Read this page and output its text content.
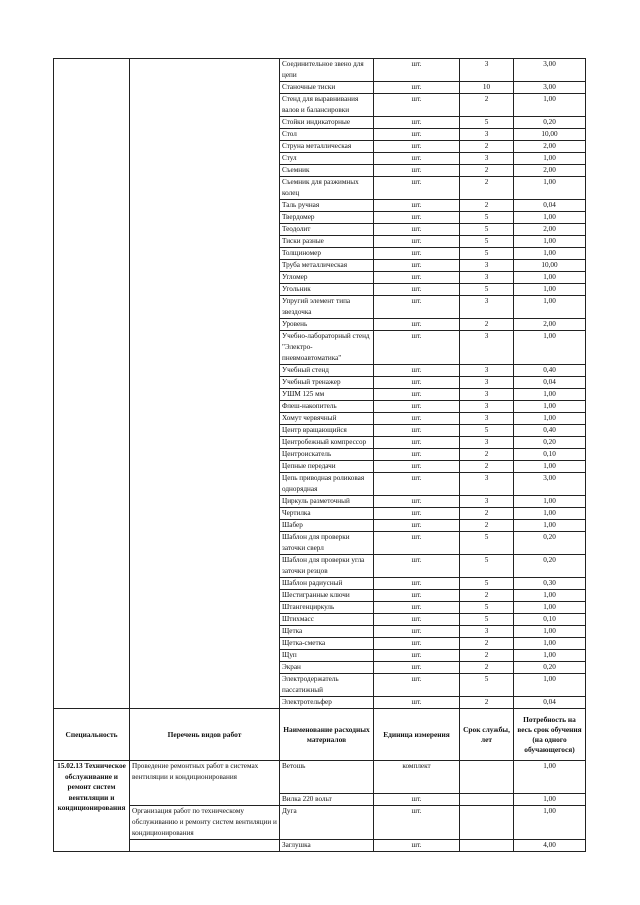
		Соединительное звено для цепи	шт.	3	3,00
		Станочные тиски	шт.	10	3,00
		Стенд для выравнивания валов и балансировки	шт.	2	1,00
		Стойки индикаторные	шт.	5	0,20
		Стол	шт.	3	10,00
		Струна металлическая	шт.	2	2,00
		Стул	шт.	3	1,00
		Съемник	шт.	2	2,00
		Съемник для разжимных колец	шт.	2	1,00
		Таль ручная	шт.	2	0,04
		Твердомер	шт.	5	1,00
		Теодолит	шт.	5	2,00
		Тиски разные	шт.	5	1,00
		Толщиномер	шт.	5	1,00
		Труба металлическая	шт.	3	10,00
		Угломер	шт.	3	1,00
		Угольник	шт.	5	1,00
		Упругий элемент типа звездочка	шт.	3	1,00
		Уровень	шт.	2	2,00
		Учебно-лабораторный стенд "Электро-пневмоавтоматика"	шт.	3	1,00
		Учебный стенд	шт.	3	0,40
		Учебный тренажер	шт.	3	0,04
		УШМ 125 мм	шт.	3	1,00
		Флеш-накопитель	шт.	3	1,00
		Хомут червячный	шт.	3	1,00
		Центр вращающийся	шт.	5	0,40
		Центробежный компрессор	шт.	3	0,20
		Центроискатель	шт.	2	0,10
		Цепные передачи	шт.	2	1,00
		Цепь приводная роликовая однорядная	шт.	3	3,00
		Циркуль разметочный	шт.	3	1,00
		Чертилка	шт.	2	1,00
		Шабер	шт.	2	1,00
		Шаблон для проверки заточки сверл	шт.	5	0,20
		Шаблон для проверки угла заточки резцов	шт.	5	0,20
		Шаблон радиусный	шт.	5	0,30
		Шестигранные ключи	шт.	2	1,00
		Штангенциркуль	шт.	5	1,00
		Штихмасс	шт.	5	0,10
		Щетка	шт.	3	1,00
		Щетка-сметка	шт.	2	1,00
		Щуп	шт.	2	1,00
		Экран	шт.	2	0,20
		Электродержатель пассатижный	шт.	5	1,00
		Электротельфер	шт.	2	0,04
Специальность	Перечень видов работ	Наименование расходных материалов	Единица измерения	Срок службы, лет	Потребность на весь срок обучения (на одного обучающегося)
15.02.13 Техническое обслуживание и ремонт систем вентиляции и кондиционирования	Проведение ремонтных работ в системах вентиляции и кондиционирования	Ветошь	комплект		1,00
		Вилка 220 вольт	шт.		1,00
	Организация работ по техническому обслуживанию и ремонту систем вентиляции и кондиционирования	Дуга	шт.		1,00
		Заглушка	шт.		4,00
